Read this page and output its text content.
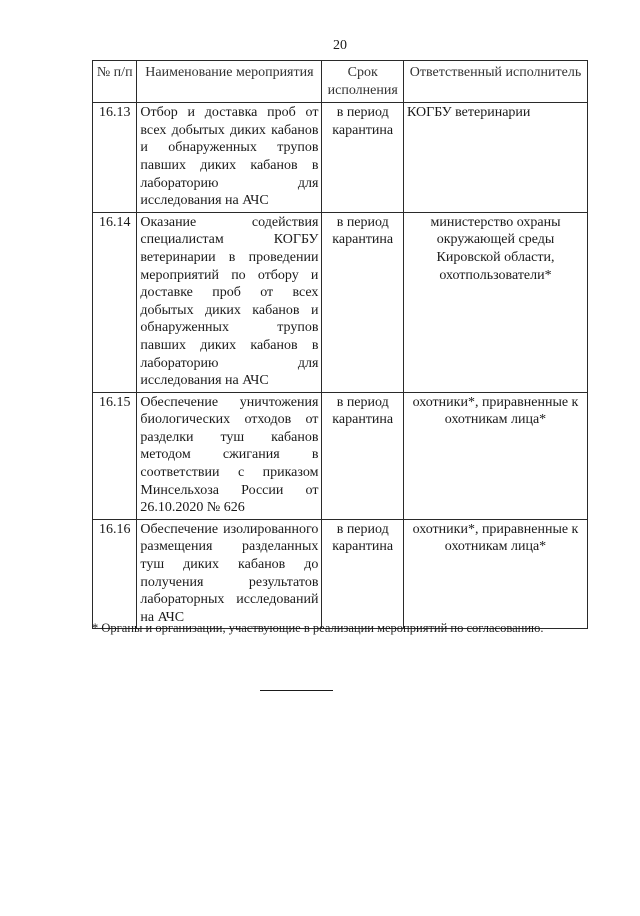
20
№ п/п	Наименование мероприятия	Срок исполнения	Ответственный исполнитель
16.13	Отбор и доставка проб от всех добытых диких кабанов и обнаруженных трупов павших диких кабанов в лабораторию для исследования на АЧС	в период карантина	КОГБУ ветеринарии
16.14	Оказание содействия специалистам КОГБУ ветеринарии в проведении мероприятий по отбору и доставке проб от всех добытых диких кабанов и обнаруженных трупов павших диких кабанов в лабораторию для исследования на АЧС	в период карантина	министерство охраны окружающей среды Кировской области, охотпользователи*
16.15	Обеспечение уничтожения биологических отходов от разделки туш кабанов методом сжигания в соответствии с приказом Минсельхоза России от 26.10.2020 № 626	в период карантина	охотники*, приравненные к охотникам лица*
16.16	Обеспечение изолированного размещения разделанных туш диких кабанов до получения результатов лабораторных исследований на АЧС	в период карантина	охотники*, приравненные к охотникам лица*
* Органы и организации, участвующие в реализации мероприятий по согласованию.
